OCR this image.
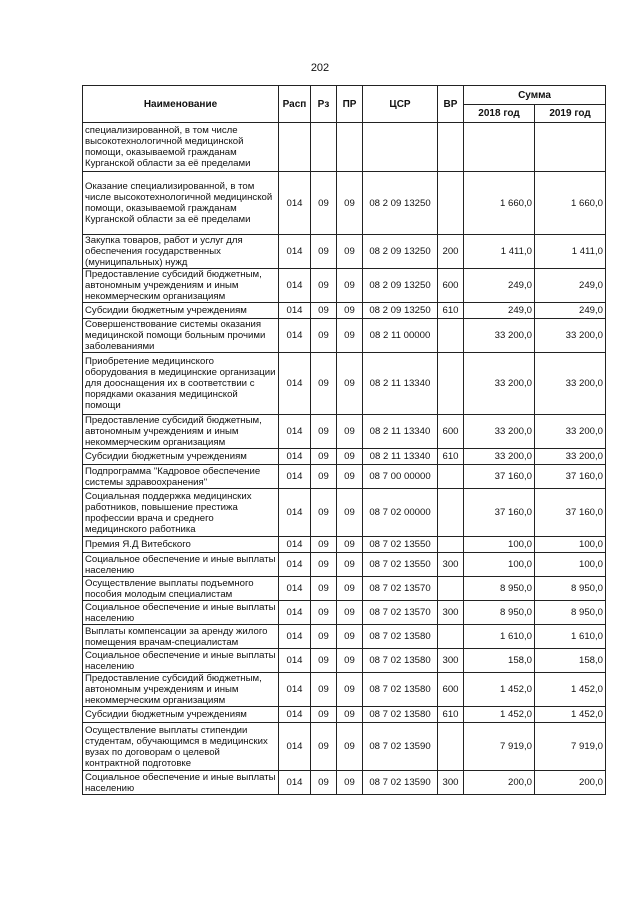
202
Наименование	Расп	Рз	ПР	ЦСР	ВР	Сумма	
						2018 год	2019 год
специализированной, в том числе высокотехнологичной медицинской помощи, оказываемой гражданам Курганской области за её пределами							
Оказание специализированной, в том числе высокотехнологичной медицинской помощи, оказываемой гражданам Курганской области за её пределами	014	09	09	08 2 09 13250		1 660,0	1 660,0
Закупка товаров, работ и услуг для обеспечения государственных (муниципальных) нужд	014	09	09	08 2 09 13250	200	1 411,0	1 411,0
Предоставление субсидий бюджетным, автономным учреждениям и иным некоммерческим организациям	014	09	09	08 2 09 13250	600	249,0	249,0
Субсидии бюджетным учреждениям	014	09	09	08 2 09 13250	610	249,0	249,0
Совершенствование системы оказания медицинской помощи больным прочими заболеваниями	014	09	09	08 2 11 00000		33 200,0	33 200,0
Приобретение медицинского оборудования в медицинские организации для дооснащения их в соответствии с порядками оказания медицинской помощи	014	09	09	08 2 11 13340		33 200,0	33 200,0
Предоставление субсидий бюджетным, автономным учреждениям и иным некоммерческим организациям	014	09	09	08 2 11 13340	600	33 200,0	33 200,0
Субсидии бюджетным учреждениям	014	09	09	08 2 11 13340	610	33 200,0	33 200,0
Подпрограмма "Кадровое обеспечение системы здравоохранения"	014	09	09	08 7 00 00000		37 160,0	37 160,0
Социальная поддержка медицинских работников, повышение престижа профессии врача и среднего медицинского работника	014	09	09	08 7 02 00000		37 160,0	37 160,0
Премия Я.Д Витебского	014	09	09	08 7 02 13550		100,0	100,0
Социальное обеспечение и иные выплаты населению	014	09	09	08 7 02 13550	300	100,0	100,0
Осуществление выплаты подъемного пособия молодым специалистам	014	09	09	08 7 02 13570		8 950,0	8 950,0
Социальное обеспечение и иные выплаты населению	014	09	09	08 7 02 13570	300	8 950,0	8 950,0
Выплаты компенсации за аренду жилого помещения врачам-специалистам	014	09	09	08 7 02 13580		1 610,0	1 610,0
Социальное обеспечение и иные выплаты населению	014	09	09	08 7 02 13580	300	158,0	158,0
Предоставление субсидий бюджетным, автономным учреждениям и иным некоммерческим организациям	014	09	09	08 7 02 13580	600	1 452,0	1 452,0
Субсидии бюджетным учреждениям	014	09	09	08 7 02 13580	610	1 452,0	1 452,0
Осуществление выплаты стипендии студентам, обучающимся в медицинских вузах по договорам о целевой контрактной подготовке	014	09	09	08 7 02 13590		7 919,0	7 919,0
Социальное обеспечение и иные выплаты населению	014	09	09	08 7 02 13590	300	200,0	200,0
